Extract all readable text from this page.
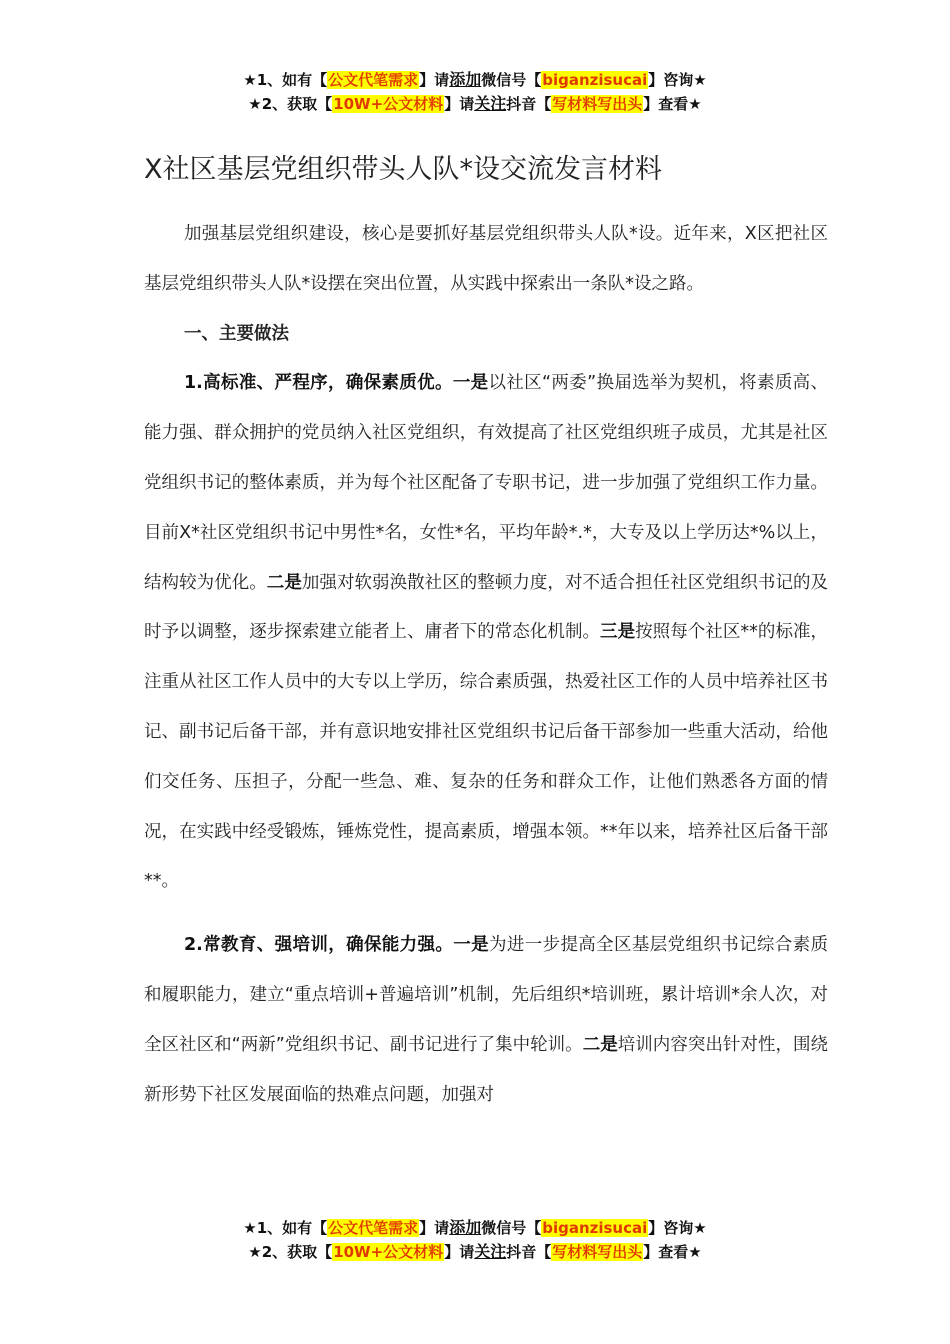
★1、如有【公文代笔需求】请添加微信号【biganzisucai】咨询★
★2、获取【10W+公文材料】请关注抖音【写材料写出头】查看★
X社区基层党组织带头人队*设交流发言材料

加强基层党组织建设，核心是要抓好基层党组织带头人队*设。近年来，X区把社区基层党组织带头人队*设摆在突出位置，从实践中探索出一条队*设之路。

一、主要做法

1.高标准、严程序，确保素质优。一是以社区“两委”换届选举为契机，将素质高、能力强、群众拥护的党员纳入社区党组织，有效提高了社区党组织班子成员，尤其是社区党组织书记的整体素质，并为每个社区配备了专职书记，进一步加强了党组织工作力量。目前X*社区党组织书记中男性*名，女性*名，平均年龄*.*，大专及以上学历达*%以上，结构较为优化。二是加强对软弱涣散社区的整顿力度，对不适合担任社区党组织书记的及时予以调整，逐步探索建立能者上、庸者下的常态化机制。三是按照每个社区**的标准，注重从社区工作人员中的大专以上学历，综合素质强，热爱社区工作的人员中培养社区书记、副书记后备干部，并有意识地安排社区党组织书记后备干部参加一些重大活动，给他们交任务、压担子，分配一些急、难、复杂的任务和群众工作，让他们熟悉各方面的情况，在实践中经受锻炼，锤炼党性，提高素质，增强本领。**年以来，培养社区后备干部**。

2.常教育、强培训，确保能力强。一是为进一步提高全区基层党组织书记综合素质和履职能力，建立“重点培训+普遍培训”机制，先后组织*培训班，累计培训*余人次，对全区社区和“两新”党组织书记、副书记进行了集中轮训。二是培训内容突出针对性，围绕新形势下社区发展面临的热难点问题，加强对

★1、如有【公文代笔需求】请添加微信号【biganzisucai】咨询★
★2、获取【10W+公文材料】请关注抖音【写材料写出头】查看★
